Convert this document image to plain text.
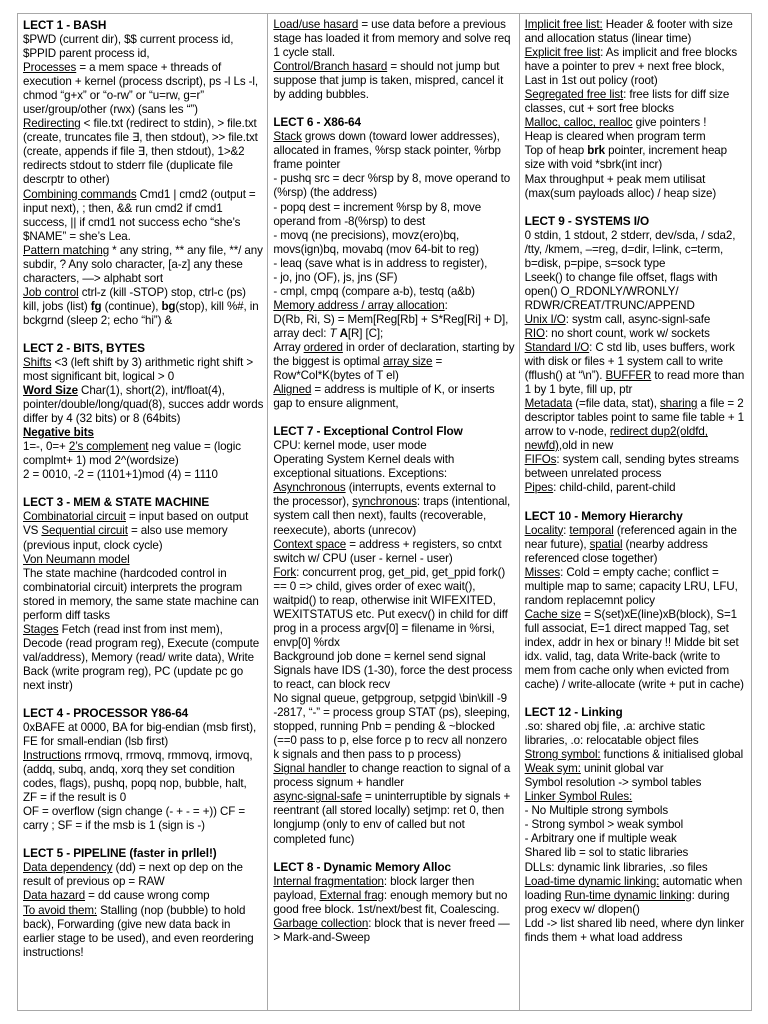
LECT 1 - BASH
$PWD (current dir), $$ current process id, $PPID parent process id,
Processes = a mem space + threads of execution + kernel (process dscript), ps -l Ls -l, chmod “g+x” or “o-rw” or “u=rw, g=r” user/group/other (rwx) (sans les “”)
Redirecting < file.txt (redirect to stdin), > file.txt (create, truncates file ∃, then stdout), >> file.txt (create, appends if file ∃, then stdout), 1>&2 redirects stdout to stderr file (duplicate file descrptr to other)
Combining commands Cmd1 | cmd2 (output = input next), ; then, && run cmd2 if cmd1 success, || if cmd1 not success echo “she’s $NAME” = she’s Lea.
Pattern matching * any string, ** any file, **/ any subdir, ? Any solo character, [a-z] any these characters, —> alphabt sort
Job control ctrl-z (kill -STOP) stop, ctrl-c (ps) kill, jobs (list) fg (continue), bg(stop), kill %#, in bckgrnd (sleep 2; echo “hi”) &
LECT 2 - BITS, BYTES
Shifts <3 (left shift by 3) arithmetic right shift > most significant bit, logical > 0
Word Size Char(1), short(2), int/float(4), pointer/double/long/quad(8), succes addr words differ by 4 (32 bits) or 8 (64bits)
Negative bits
1=-, 0=+ 2’s complement neg value = (logic complmt+ 1) mod 2^(wordsize)
2 = 0010, -2 = (1101+1)mod (4) = 1110
LECT 3 - MEM & STATE MACHINE
Combinatorial circuit = input based on output VS Sequential circuit = also use memory (previous input, clock cycle)
Von Neumann model
The state machine (hardcoded control in combinatorial circuit) interprets the program stored in memory, the same state machine can perform diff tasks
Stages Fetch (read inst from inst mem), Decode (read program reg), Execute (compute val/address), Memory (read/ write data), Write Back (write program reg), PC (update pc go next instr)
LECT 4 - PROCESSOR Y86-64
0xBAFE at 0000, BA for big-endian (msb first), FE for small-endian (lsb first)
Instructions rrmovq, rrmovq, rmmovq, irmovq, (addq, subq, andq, xorq they set condition codes, flags), pushq, popq nop, bubble, halt, ZF = if the result is 0
OF = overflow (sign change (- + - = +)) CF = carry ; SF = if the msb is 1 (sign is -)
LECT 5 - PIPELINE (faster in prllel!)
Data dependency (dd) = next op dep on the result of previous op = RAW
Data hazard = dd cause wrong comp
To avoid them: Stalling (nop (bubble) to hold back), Forwarding (give new data back in earlier stage to be used), and even reordering instructions!
Load/use hasard = use data before a previous stage has loaded it from memory and solve req 1 cycle stall.
Control/Branch hasard = should not jump but suppose that jump is taken, mispred, cancel it by adding bubbles.
LECT 6 - X86-64
Stack grows down (toward lower addresses), allocated in frames, %rsp stack pointer, %rbp frame pointer
- pushq src = decr %rsp by 8, move operand to (%rsp) (the address)
- popq dest = increment %rsp by 8, move operand from -8(%rsp) to dest
- movq (ne precisions), movz(ero)bq, movs(ign)bq, movabq (mov 64-bit to reg)
- leaq (save what is in address to register),
- jo, jno (OF), js, jns (SF)
- cmpl, cmpq (compare a-b), testq (a&b)
Memory address / array allocation:
D(Rb, Ri, S) = Mem[Reg[Rb] + S*Reg[Ri] + D], array decl: T A[R] [C];
Array ordered in order of declaration, starting by the biggest is optimal array size = Row*Col*K(bytes of T el)
Aligned = address is multiple of K, or inserts gap to ensure alignment,
LECT 7 - Exceptional Control Flow
CPU: kernel mode, user mode
Operating System Kernel deals with exceptional situations. Exceptions:
Asynchronous (interrupts, events external to the processor), synchronous: traps (intentional, system call then next), faults (recoverable, reexecute), aborts (unrecov)
Context space = address + registers, so cntxt switch w/ CPU (user - kernel - user)
Fork: concurrent prog, get_pid, get_ppid fork() == 0 => child, gives order of exec wait(), waitpid() to reap, otherwise init WIFEXITED, WEXITSTATUS etc. Put execv() in child for diff prog in a process argv[0] = filename in %rsi, envp[0] %rdx
Background job done = kernel send signal Signals have IDS (1-30), force the dest process to react, can block recv
No signal queue, getpgroup, setpgid \bin\kill -9 -2817, “-” = process group STAT (ps), sleeping, stopped, running Pnb = pending & ~blocked (==0 pass to p, else force p to recv all nonzero k signals and then pass to p process)
Signal handler to change reaction to signal of a process signum + handler
async-signal-safe = uninterruptible by signals + reentrant (all stored locally) setjmp: ret 0, then longjump (only to env of called but not completed func)
LECT 8 - Dynamic Memory Alloc
Internal fragmentation: block larger then payload, External frag: enough memory but no good free block. 1st/next/best fit, Coalescing. Garbage collection: block that is never freed —> Mark-and-Sweep
Implicit free list: Header & footer with size and allocation status (linear time)
Explicit free list: As implicit and free blocks have a pointer to prev + next free block, Last in 1st out policy (root)
Segregated free list: free lists for diff size classes, cut + sort free blocks
Malloc, calloc, realloc give pointers !
Heap is cleared when program term
Top of heap brk pointer, increment heap size with void *sbrk(int incr)
Max throughput + peak mem utilisat (max(sum payloads alloc) / heap size)
LECT 9 - SYSTEMS I/O
0 stdin, 1 stdout, 2 stderr, dev/sda, / sda2, /tty, /kmem, –=reg, d=dir, l=link, c=term, b=disk, p=pipe, s=sock type
Lseek() to change file offset, flags with open() O_RDONLY/WRONLY/ RDWR/CREAT/TRUNC/APPEND
Unix I/O: systm call, async-signl-safe
RIO: no short count, work w/ sockets
Standard I/O: C std lib, uses buffers, work with disk or files + 1 system call to write (fflush() at “\n”). BUFFER to read more than 1 by 1 byte, fill up, ptr
Metadata (=file data, stat), sharing a file = 2 descriptor tables point to same file table + 1 arrow to v-node, redirect dup2(oldfd, newfd),old in new
FIFOs: system call, sending bytes streams between unrelated process
Pipes: child-child, parent-child
LECT 10 - Memory Hierarchy
Locality: temporal (referenced again in the near future), spatial (nearby address referenced close together)
Misses: Cold = empty cache; conflict = multiple map to same; capacity LRU, LFU, random replacemnt policy
Cache size = S(set)xE(line)xB(block), S=1 full associat, E=1 direct mapped Tag, set index, addr in hex or binary !! Midde bit set idx. valid, tag, data Write-back (write to mem from cache only when evicted from cache) / write-allocate (write + put in cache)
LECT 12 - Linking
.so: shared obj file, .a: archive static libraries, .o: relocatable object files
Strong symbol: functions & initialised global Weak sym: uninit global var
Symbol resolution -> symbol tables
Linker Symbol Rules:
- No Multiple strong symbols
- Strong symbol > weak symbol
- Arbitrary one if multiple weak
Shared lib = sol to static libraries
DLLs: dynamic link libraries, .so files
Load-time dynamic linking: automatic when loading Run-time dynamic linking: during prog execv w/ dlopen()
Ldd -> list shared lib need, where dyn linker finds them + what load address
